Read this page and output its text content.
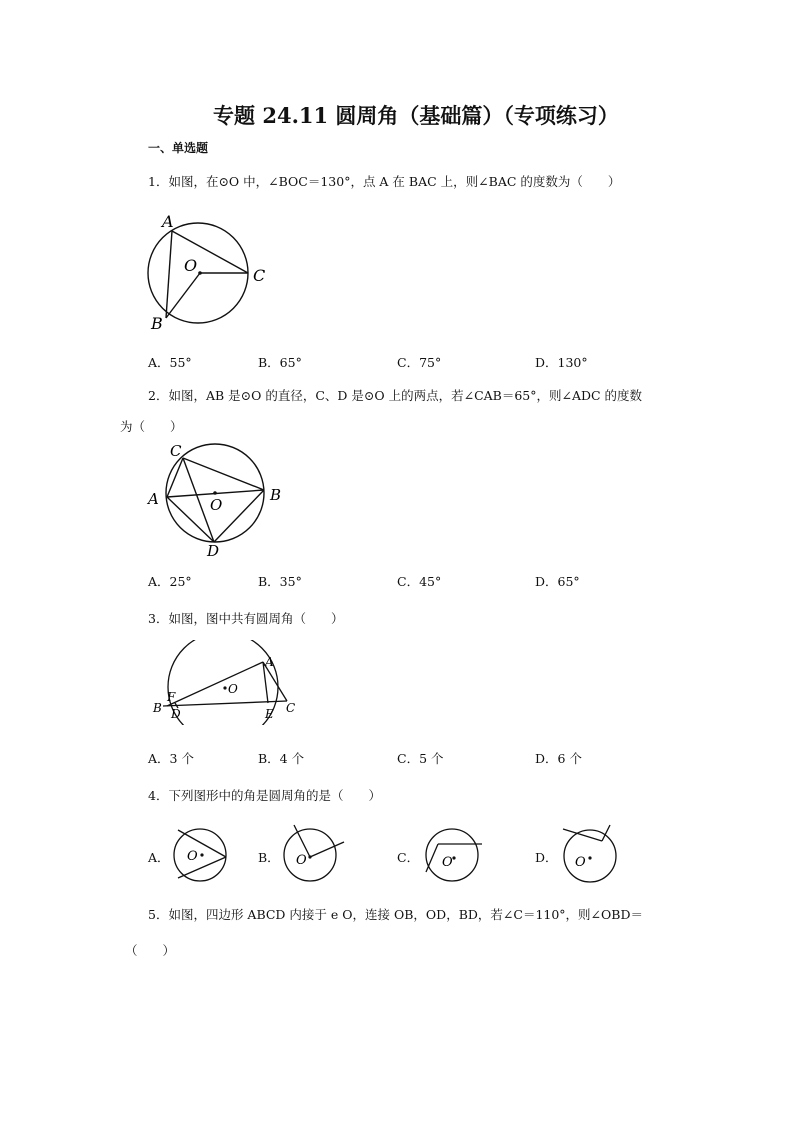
专题 24.11 圆周角（基础篇）（专项练习）
一、单选题
1．如图，在⊙O 中，∠BOC＝130°，点 A 在 BAC 上，则∠BAC 的度数为（　　）
A
O
C
B
A．55°	B．65°	C．75°	D．130°
2．如图，AB 是⊙O 的直径，C、D 是⊙O 上的两点，若∠CAB＝65°，则∠ADC 的度数
为（　　）
C
A	O
B
D
A．25°	B．35°	C．45°	D．65°
3．如图，图中共有圆周角（　　）
A
O
F
B D	E C
A．3 个	B．4 个	C．5 个	D．6 个
4．下列图形中的角是圆周角的是（　　）
A． O	B． O	C． O	D． O
5．如图，四边形 ABCD 内接于 e O，连接 OB，OD，BD，若∠C＝110°，则∠OBD＝
（　　）
